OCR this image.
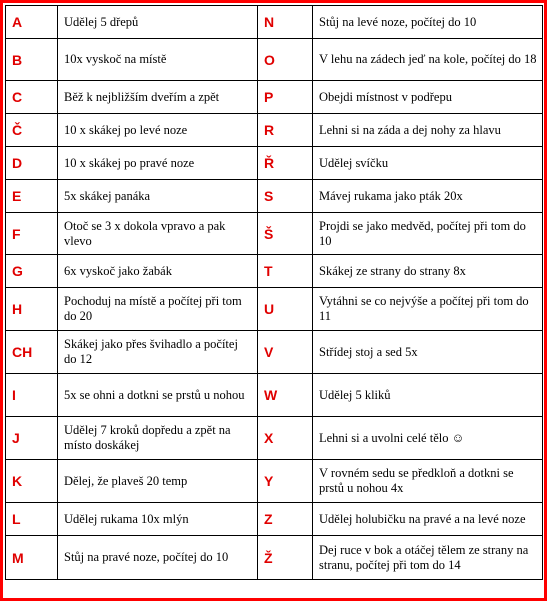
A	Udělej 5 dřepů	N	Stůj na levé noze, počítej do 10
B	10x vyskoč na místě	O	V lehu na zádech jeď na kole, počítej do 18
C	Běž k nejbližším dveřím a zpět	P	Obejdi místnost v podřepu
Č	10 x skákej po levé noze	R	Lehni si na záda a dej nohy za hlavu
D	10 x skákej po pravé noze	Ř	Udělej svíčku
E	5x skákej panáka	S	Mávej rukama jako pták 20x
F	Otoč se 3 x dokola vpravo a pak vlevo	Š	Projdi se jako medvěd, počítej při tom do 10
G	6x vyskoč jako žabák	T	Skákej ze strany do strany 8x
H	Pochoduj na místě a počítej při tom do 20	U	Vytáhni se co nejvýše a počítej při tom do 11
CH	Skákej jako přes švihadlo a počítej do 12	V	Střídej stoj a sed 5x
I	5x se ohni a dotkni se prstů u nohou	W	Udělej 5 kliků
J	Udělej 7 kroků dopředu a zpět na místo doskákej	X	Lehni si a uvolni celé tělo ☺
K	Dělej, že plaveš 20 temp	Y	V rovném sedu se předkloň a dotkni se prstů u nohou 4x
L	Udělej rukama 10x mlýn	Z	Udělej holubičku na pravé a na levé noze
M	Stůj na pravé noze, počítej do 10	Ž	Dej ruce v bok a otáčej tělem ze strany na stranu, počítej při tom do 14
